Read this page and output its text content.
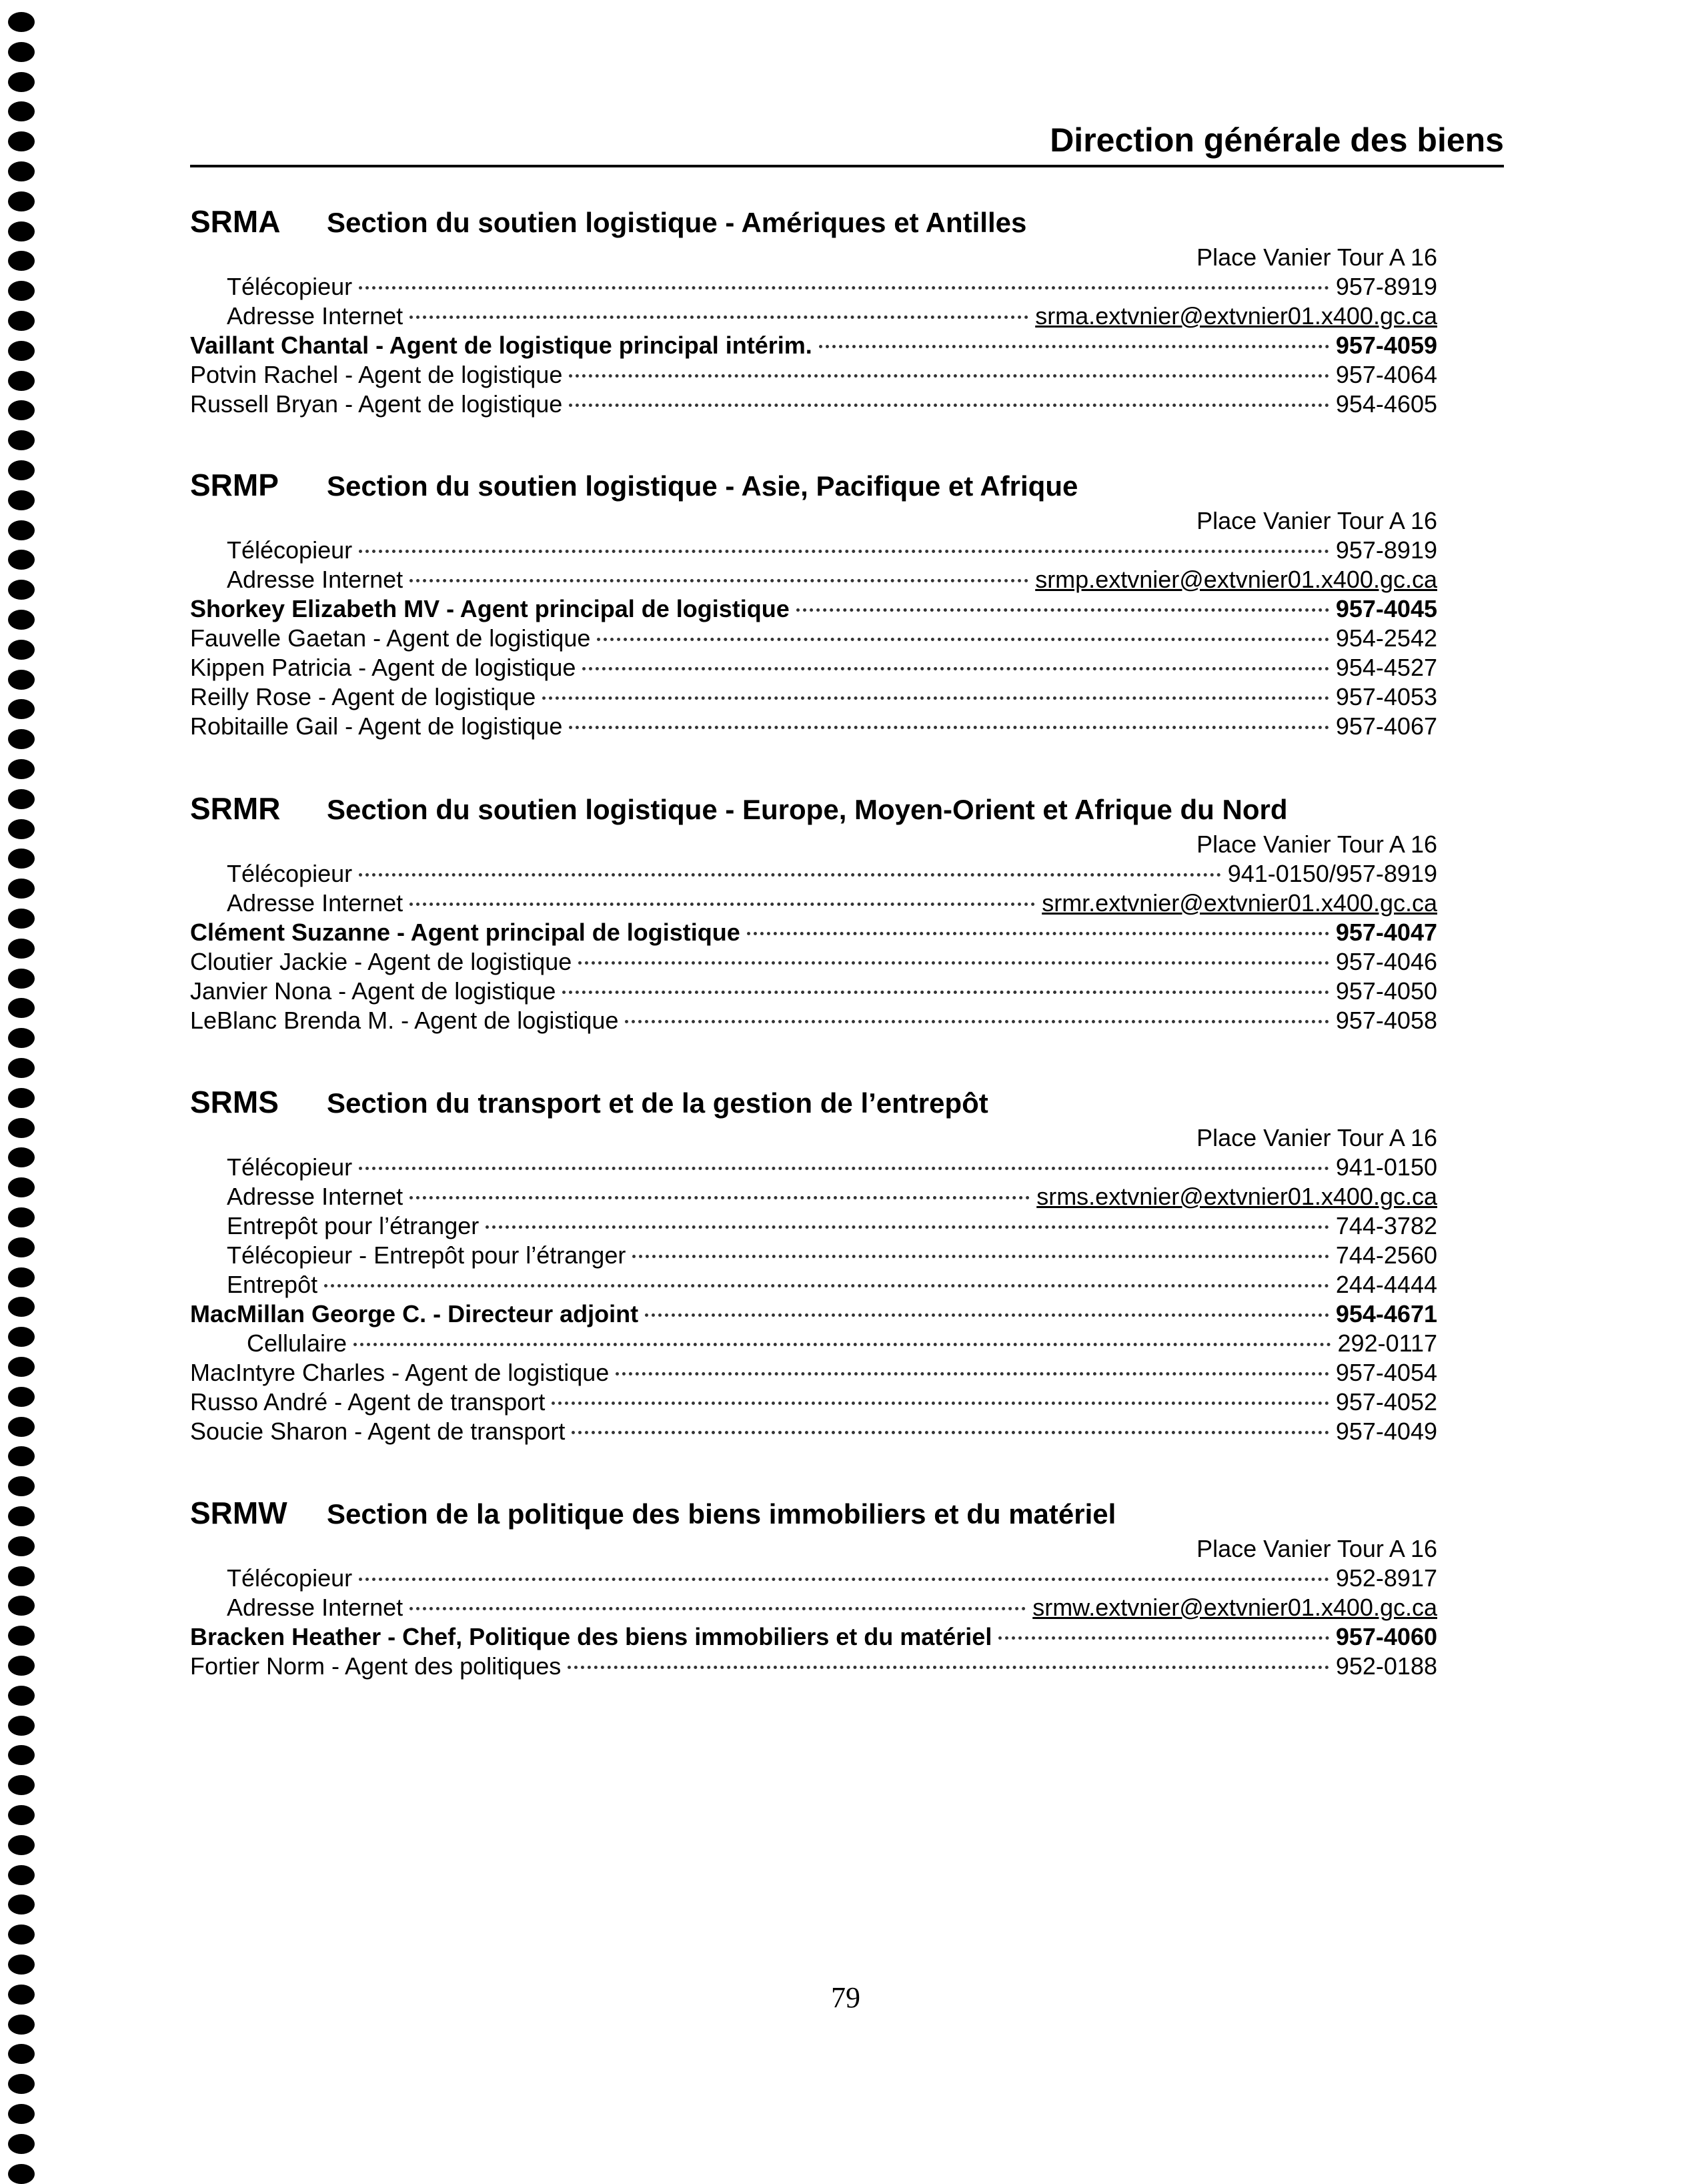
Direction générale des biens
SRMA Section du soutien logistique - Amériques et Antilles
Place Vanier Tour A 16
Télécopieur	957-8919
Adresse Internet	srma.extvnier@extvnier01.x400.gc.ca
Vaillant Chantal - Agent de logistique principal intérim.	957-4059
Potvin Rachel - Agent de logistique	957-4064
Russell Bryan - Agent de logistique	954-4605
SRMP Section du soutien logistique - Asie, Pacifique et Afrique
Place Vanier Tour A 16
Télécopieur	957-8919
Adresse Internet	srmp.extvnier@extvnier01.x400.gc.ca
Shorkey Elizabeth MV - Agent principal de logistique	957-4045
Fauvelle Gaetan - Agent de logistique	954-2542
Kippen Patricia - Agent de logistique	954-4527
Reilly Rose - Agent de logistique	957-4053
Robitaille Gail - Agent de logistique	957-4067
SRMR Section du soutien logistique - Europe, Moyen-Orient et Afrique du Nord
Place Vanier Tour A 16
Télécopieur	941-0150/957-8919
Adresse Internet	srmr.extvnier@extvnier01.x400.gc.ca
Clément Suzanne - Agent principal de logistique	957-4047
Cloutier Jackie - Agent de logistique	957-4046
Janvier Nona - Agent de logistique	957-4050
LeBlanc Brenda M. - Agent de logistique	957-4058
SRMS Section du transport et de la gestion de l’entrepôt
Place Vanier Tour A 16
Télécopieur	941-0150
Adresse Internet	srms.extvnier@extvnier01.x400.gc.ca
Entrepôt pour l’étranger	744-3782
Télécopieur - Entrepôt pour l’étranger	744-2560
Entrepôt	244-4444
MacMillan George C. - Directeur adjoint	954-4671
Cellulaire	292-0117
MacIntyre Charles - Agent de logistique	957-4054
Russo André - Agent de transport	957-4052
Soucie Sharon - Agent de transport	957-4049
SRMW Section de la politique des biens immobiliers et du matériel
Place Vanier Tour A 16
Télécopieur	952-8917
Adresse Internet	srmw.extvnier@extvnier01.x400.gc.ca
Bracken Heather - Chef, Politique des biens immobiliers et du matériel	957-4060
Fortier Norm - Agent des politiques	952-0188
79
